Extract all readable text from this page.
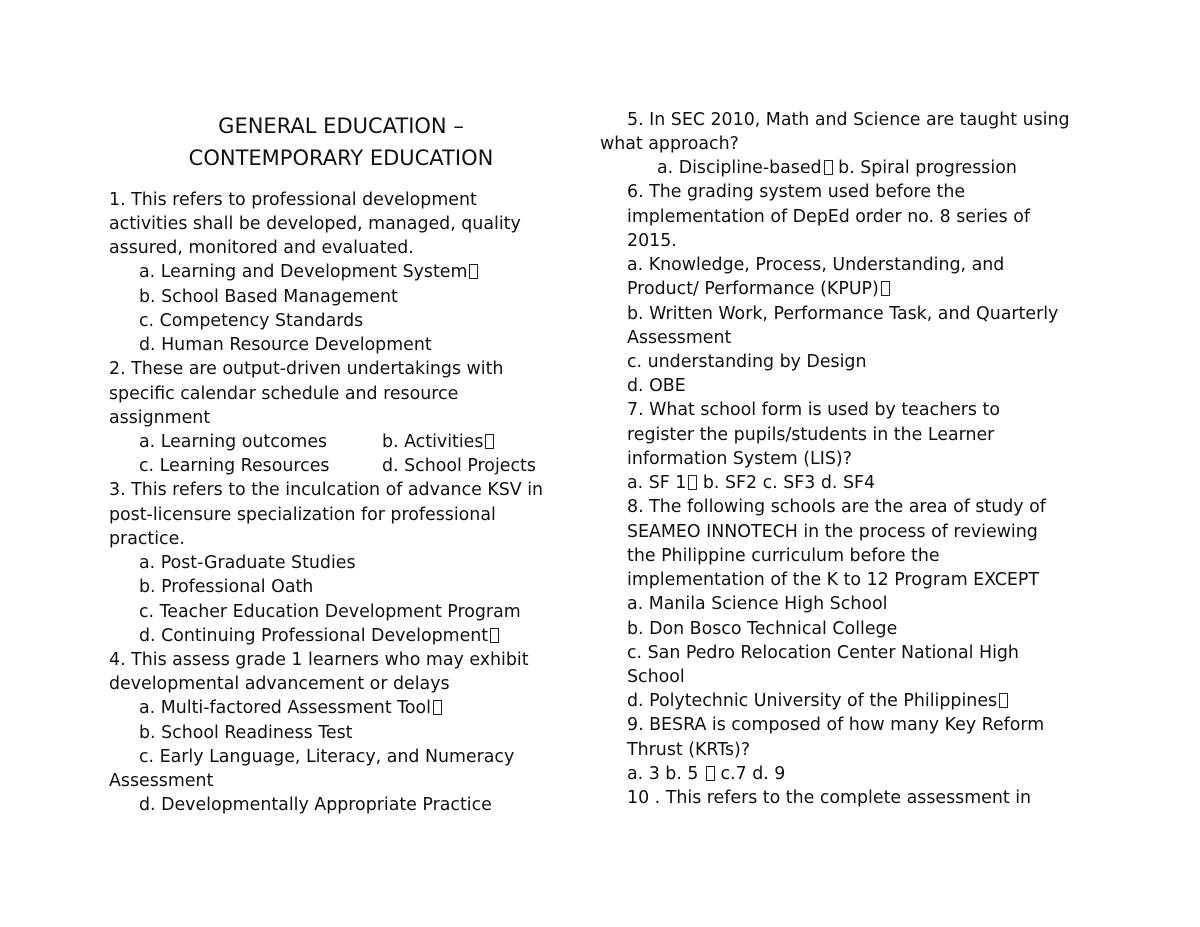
GENERAL EDUCATION –
CONTEMPORARY EDUCATION
1. This refers to professional development
activities shall be developed, managed, quality
assured, monitored and evaluated.
a. Learning and Development System
b. School Based Management
c. Competency Standards
d. Human Resource Development
2. These are output-driven undertakings with
specific calendar schedule and resource
assignment
a. Learning outcomes	b. Activities
c. Learning Resources	d. School Projects
3. This refers to the inculcation of advance KSV in
post-licensure specialization for professional
practice.
a. Post-Graduate Studies
b. Professional Oath
c. Teacher Education Development Program
d. Continuing Professional Development
4. This assess grade 1 learners who may exhibit
developmental advancement or delays
a. Multi-factored Assessment Tool
b. School Readiness Test
c. Early Language, Literacy, and Numeracy
Assessment
d. Developmentally Appropriate Practice
5. In SEC 2010, Math and Science are taught using
what approach?
a. Discipline-based b. Spiral progression
6. The grading system used before the
implementation of DepEd order no. 8 series of
2015.
a. Knowledge, Process, Understanding, and
Product/ Performance (KPUP)
b. Written Work, Performance Task, and Quarterly
Assessment
c. understanding by Design
d. OBE
7. What school form is used by teachers to
register the pupils/students in the Learner
information System (LIS)?
a. SF 1 b. SF2 c. SF3 d. SF4
8. The following schools are the area of study of
SEAMEO INNOTECH in the process of reviewing
the Philippine curriculum before the
implementation of the K to 12 Program EXCEPT
a. Manila Science High School
b. Don Bosco Technical College
c. San Pedro Relocation Center National High
School
d. Polytechnic University of the Philippines
9. BESRA is composed of how many Key Reform
Thrust (KRTs)?
a. 3 b. 5  c.7 d. 9
10 . This refers to the complete assessment in
